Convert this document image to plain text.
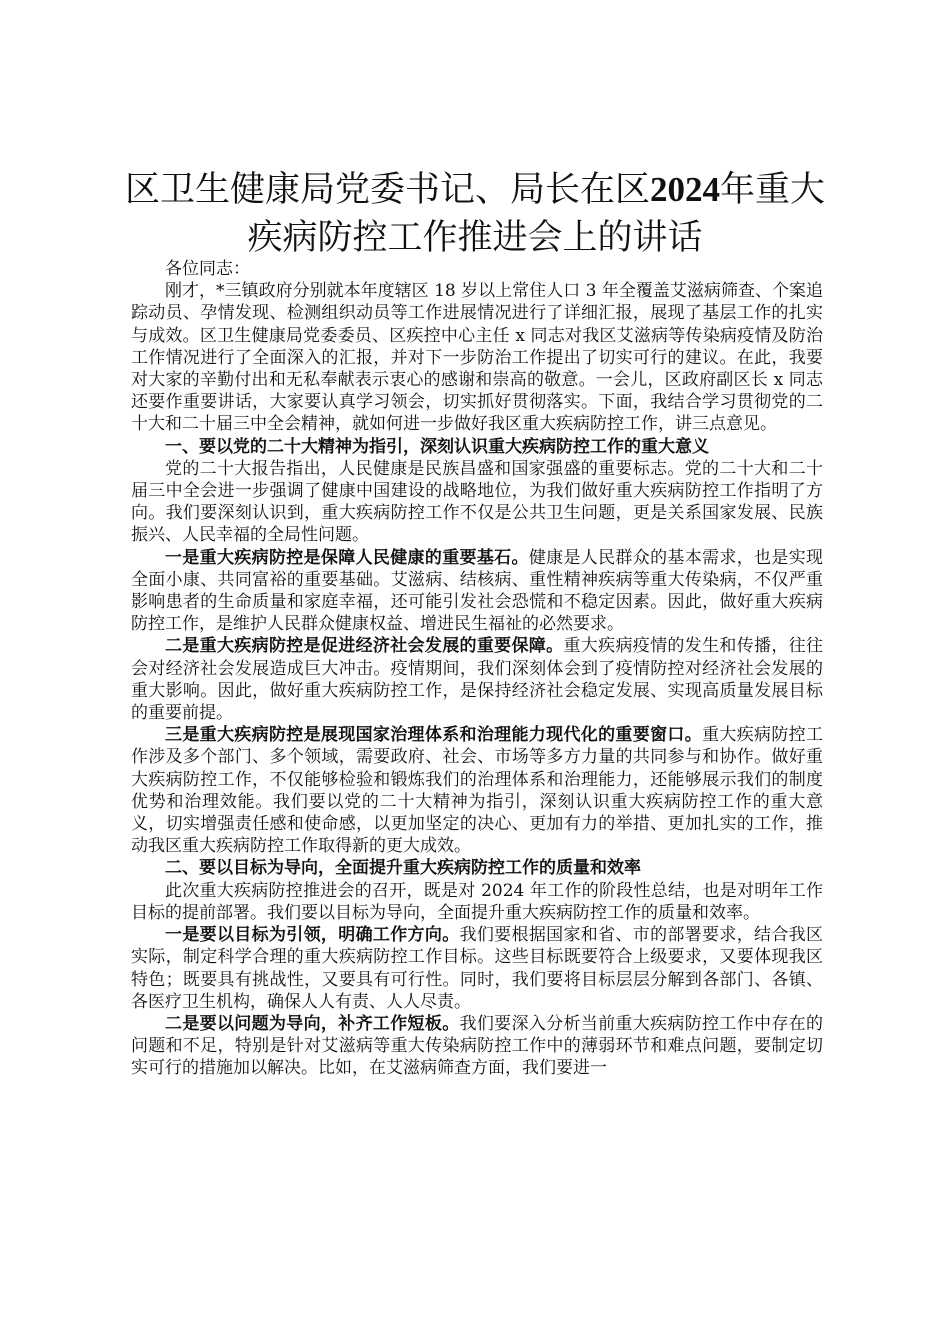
区卫生健康局党委书记、局长在区2024年重大疾病防控工作推进会上的讲话

各位同志：

刚才，*三镇政府分别就本年度辖区 18 岁以上常住人口 3 年全覆盖艾滋病筛查、个案追踪动员、孕情发现、检测组织动员等工作进展情况进行了详细汇报，展现了基层工作的扎实与成效。区卫生健康局党委委员、区疾控中心主任 x 同志对我区艾滋病等传染病疫情及防治工作情况进行了全面深入的汇报，并对下一步防治工作提出了切实可行的建议。在此，我要对大家的辛勤付出和无私奉献表示衷心的感谢和崇高的敬意。一会儿，区政府副区长 x 同志还要作重要讲话，大家要认真学习领会，切实抓好贯彻落实。下面，我结合学习贯彻党的二十大和二十届三中全会精神，就如何进一步做好我区重大疾病防控工作，讲三点意见。

一、要以党的二十大精神为指引，深刻认识重大疾病防控工作的重大意义

党的二十大报告指出，人民健康是民族昌盛和国家强盛的重要标志。党的二十大和二十届三中全会进一步强调了健康中国建设的战略地位，为我们做好重大疾病防控工作指明了方向。我们要深刻认识到，重大疾病防控工作不仅是公共卫生问题，更是关系国家发展、民族振兴、人民幸福的全局性问题。

一是重大疾病防控是保障人民健康的重要基石。健康是人民群众的基本需求，也是实现全面小康、共同富裕的重要基础。艾滋病、结核病、重性精神疾病等重大传染病，不仅严重影响患者的生命质量和家庭幸福，还可能引发社会恐慌和不稳定因素。因此，做好重大疾病防控工作，是维护人民群众健康权益、增进民生福祉的必然要求。

二是重大疾病防控是促进经济社会发展的重要保障。重大疾病疫情的发生和传播，往往会对经济社会发展造成巨大冲击。疫情期间，我们深刻体会到了疫情防控对经济社会发展的重大影响。因此，做好重大疾病防控工作，是保持经济社会稳定发展、实现高质量发展目标的重要前提。

三是重大疾病防控是展现国家治理体系和治理能力现代化的重要窗口。重大疾病防控工作涉及多个部门、多个领域，需要政府、社会、市场等多方力量的共同参与和协作。做好重大疾病防控工作，不仅能够检验和锻炼我们的治理体系和治理能力，还能够展示我们的制度优势和治理效能。我们要以党的二十大精神为指引，深刻认识重大疾病防控工作的重大意义，切实增强责任感和使命感，以更加坚定的决心、更加有力的举措、更加扎实的工作，推动我区重大疾病防控工作取得新的更大成效。

二、要以目标为导向，全面提升重大疾病防控工作的质量和效率

此次重大疾病防控推进会的召开，既是对 2024 年工作的阶段性总结，也是对明年工作目标的提前部署。我们要以目标为导向，全面提升重大疾病防控工作的质量和效率。

一是要以目标为引领，明确工作方向。我们要根据国家和省、市的部署要求，结合我区实际，制定科学合理的重大疾病防控工作目标。这些目标既要符合上级要求，又要体现我区特色；既要具有挑战性，又要具有可行性。同时，我们要将目标层层分解到各部门、各镇、各医疗卫生机构，确保人人有责、人人尽责。

二是要以问题为导向，补齐工作短板。我们要深入分析当前重大疾病防控工作中存在的问题和不足，特别是针对艾滋病等重大传染病防控工作中的薄弱环节和难点问题，要制定切实可行的措施加以解决。比如，在艾滋病筛查方面，我们要进一
